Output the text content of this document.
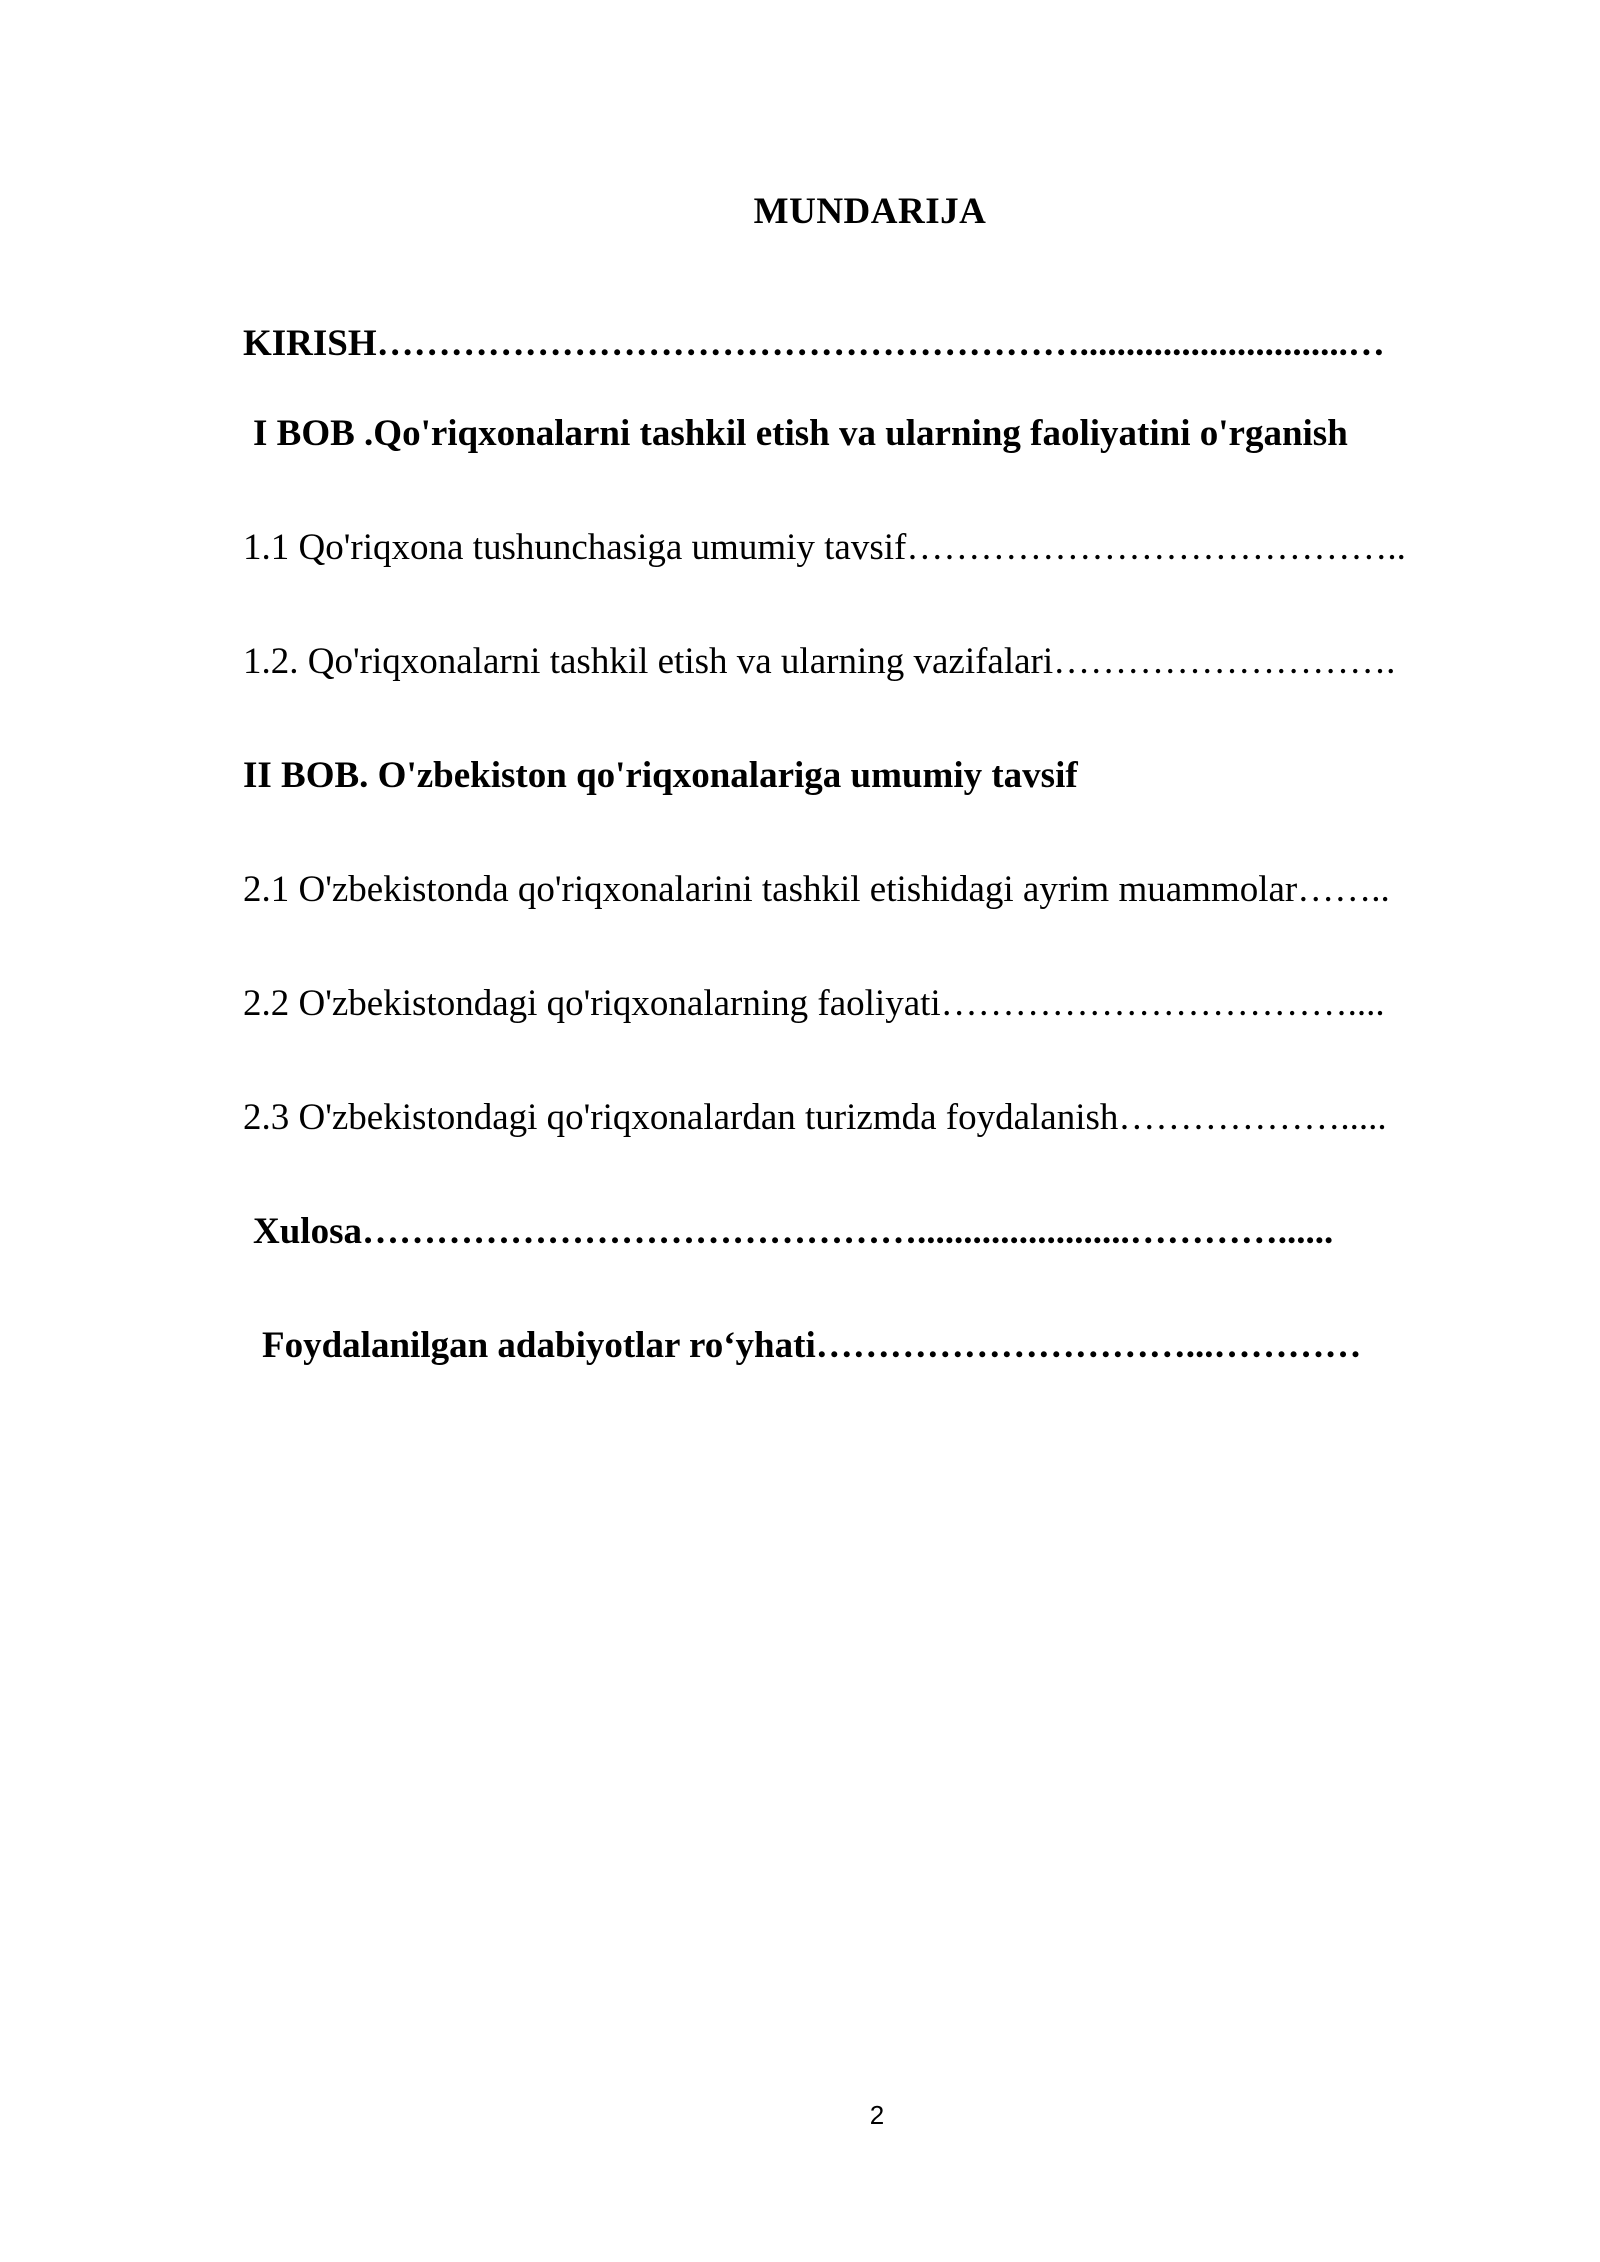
MUNDARIJA
KIRISH………………………………………………….............................…
I BOB .Qo'riqxonalarni tashkil etish va ularning faoliyatini o'rganish
1.1 Qo'riqxona tushunchasiga umumiy tavsif…………………………………..
1.2. Qo'riqxonalarni tashkil etish va ularning vazifalari……………………….
II BOB. O'zbekiston qo'riqxonalariga umumiy tavsif
2.1 O'zbekistonda qo'riqxonalarini tashkil etishidagi ayrim muammolar……..
2.2 O'zbekistondagi qo'riqxonalarning faoliyati……………………………....
2.3 O'zbekistondagi qo'riqxonalardan turizmda foydalanish……………….....
Xulosa……………………………………….......................…………......
Foydalanilgan adabiyotlar ro‘yhati…………………………...…………
2
